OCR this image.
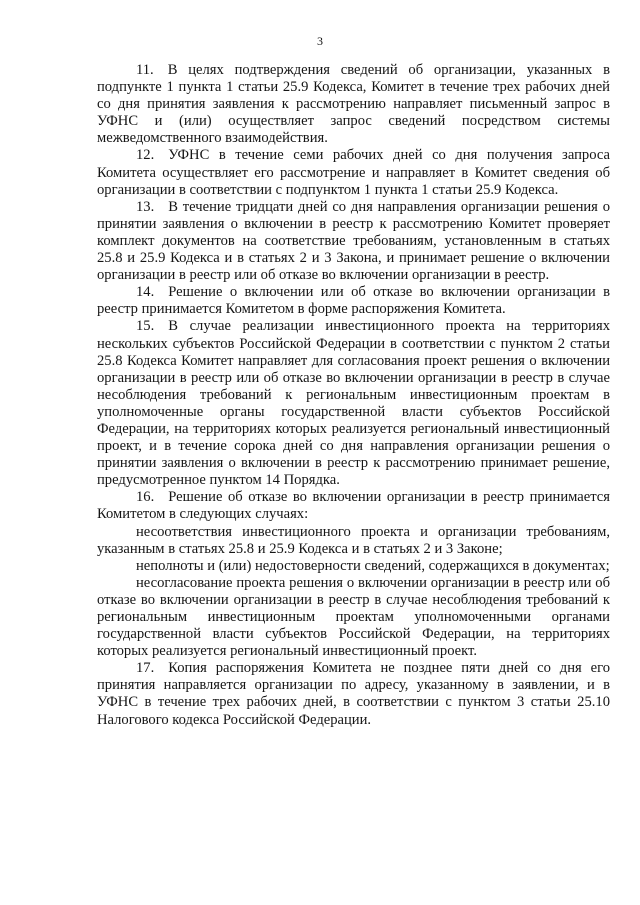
3

11. В целях подтверждения сведений об организации, указанных в подпункте 1 пункта 1 статьи 25.9 Кодекса, Комитет в течение трех рабочих дней со дня принятия заявления к рассмотрению направляет письменный запрос в УФНС и (или) осуществляет запрос сведений посредством системы межведомственного взаимодействия.

12. УФНС в течение семи рабочих дней со дня получения запроса Комитета осуществляет его рассмотрение и направляет в Комитет сведения об организации в соответствии с подпунктом 1 пункта 1 статьи 25.9 Кодекса.

13. В течение тридцати дней со дня направления организации решения о принятии заявления о включении в реестр к рассмотрению Комитет проверяет комплект документов на соответствие требованиям, установленным в статьях 25.8 и 25.9 Кодекса и в статьях 2 и 3 Закона, и принимает решение о включении организации в реестр или об отказе во включении организации в реестр.

14. Решение о включении или об отказе во включении организации в реестр принимается Комитетом в форме распоряжения Комитета.

15. В случае реализации инвестиционного проекта на территориях нескольких субъектов Российской Федерации в соответствии с пунктом 2 статьи 25.8 Кодекса Комитет направляет для согласования проект решения о включении организации в реестр или об отказе во включении организации в реестр в случае несоблюдения требований к региональным инвестиционным проектам в уполномоченные органы государственной власти субъектов Российской Федерации, на территориях которых реализуется региональный инвестиционный проект, и в течение сорока дней со дня направления организации решения о принятии заявления о включении в реестр к рассмотрению принимает решение, предусмотренное пунктом 14 Порядка.

16. Решение об отказе во включении организации в реестр принимается Комитетом в следующих случаях:

несоответствия инвестиционного проекта и организации требованиям, указанным в статьях 25.8 и 25.9 Кодекса и в статьях 2 и 3 Законе;

неполноты и (или) недостоверности сведений, содержащихся в документах;

несогласование проекта решения о включении организации в реестр или об отказе во включении организации в реестр в случае несоблюдения требований к региональным инвестиционным проектам уполномоченными органами государственной власти субъектов Российской Федерации, на территориях которых реализуется региональный инвестиционный проект.

17. Копия распоряжения Комитета не позднее пяти дней со дня его принятия направляется организации по адресу, указанному в заявлении, и в УФНС в течение трех рабочих дней, в соответствии с пунктом 3 статьи 25.10 Налогового кодекса Российской Федерации.
